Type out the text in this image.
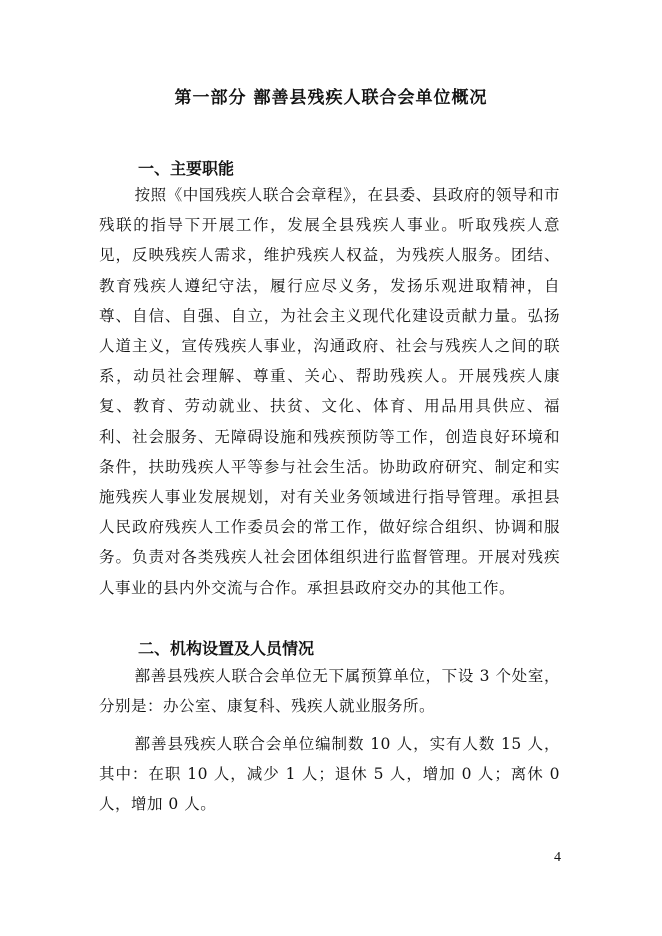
第一部分 鄯善县残疾人联合会单位概况
一、主要职能

按照《中国残疾人联合会章程》，在县委、县政府的领导和市残联的指导下开展工作，发展全县残疾人事业。听取残疾人意见，反映残疾人需求，维护残疾人权益，为残疾人服务。团结、教育残疾人遵纪守法，履行应尽义务，发扬乐观进取精神，自尊、自信、自强、自立，为社会主义现代化建设贡献力量。弘扬人道主义，宣传残疾人事业，沟通政府、社会与残疾人之间的联系，动员社会理解、尊重、关心、帮助残疾人。开展残疾人康复、教育、劳动就业、扶贫、文化、体育、用品用具供应、福利、社会服务、无障碍设施和残疾预防等工作，创造良好环境和条件，扶助残疾人平等参与社会生活。协助政府研究、制定和实施残疾人事业发展规划，对有关业务领域进行指导管理。承担县人民政府残疾人工作委员会的常工作，做好综合组织、协调和服务。负责对各类残疾人社会团体组织进行监督管理。开展对残疾人事业的县内外交流与合作。承担县政府交办的其他工作。

二、机构设置及人员情况

鄯善县残疾人联合会单位无下属预算单位，下设 3 个处室，分别是：办公室、康复科、残疾人就业服务所。

鄯善县残疾人联合会单位编制数 10 人，实有人数 15 人，其中：在职 10 人，减少 1 人；退休 5 人，增加 0 人；离休 0 人，增加 0 人。

4
